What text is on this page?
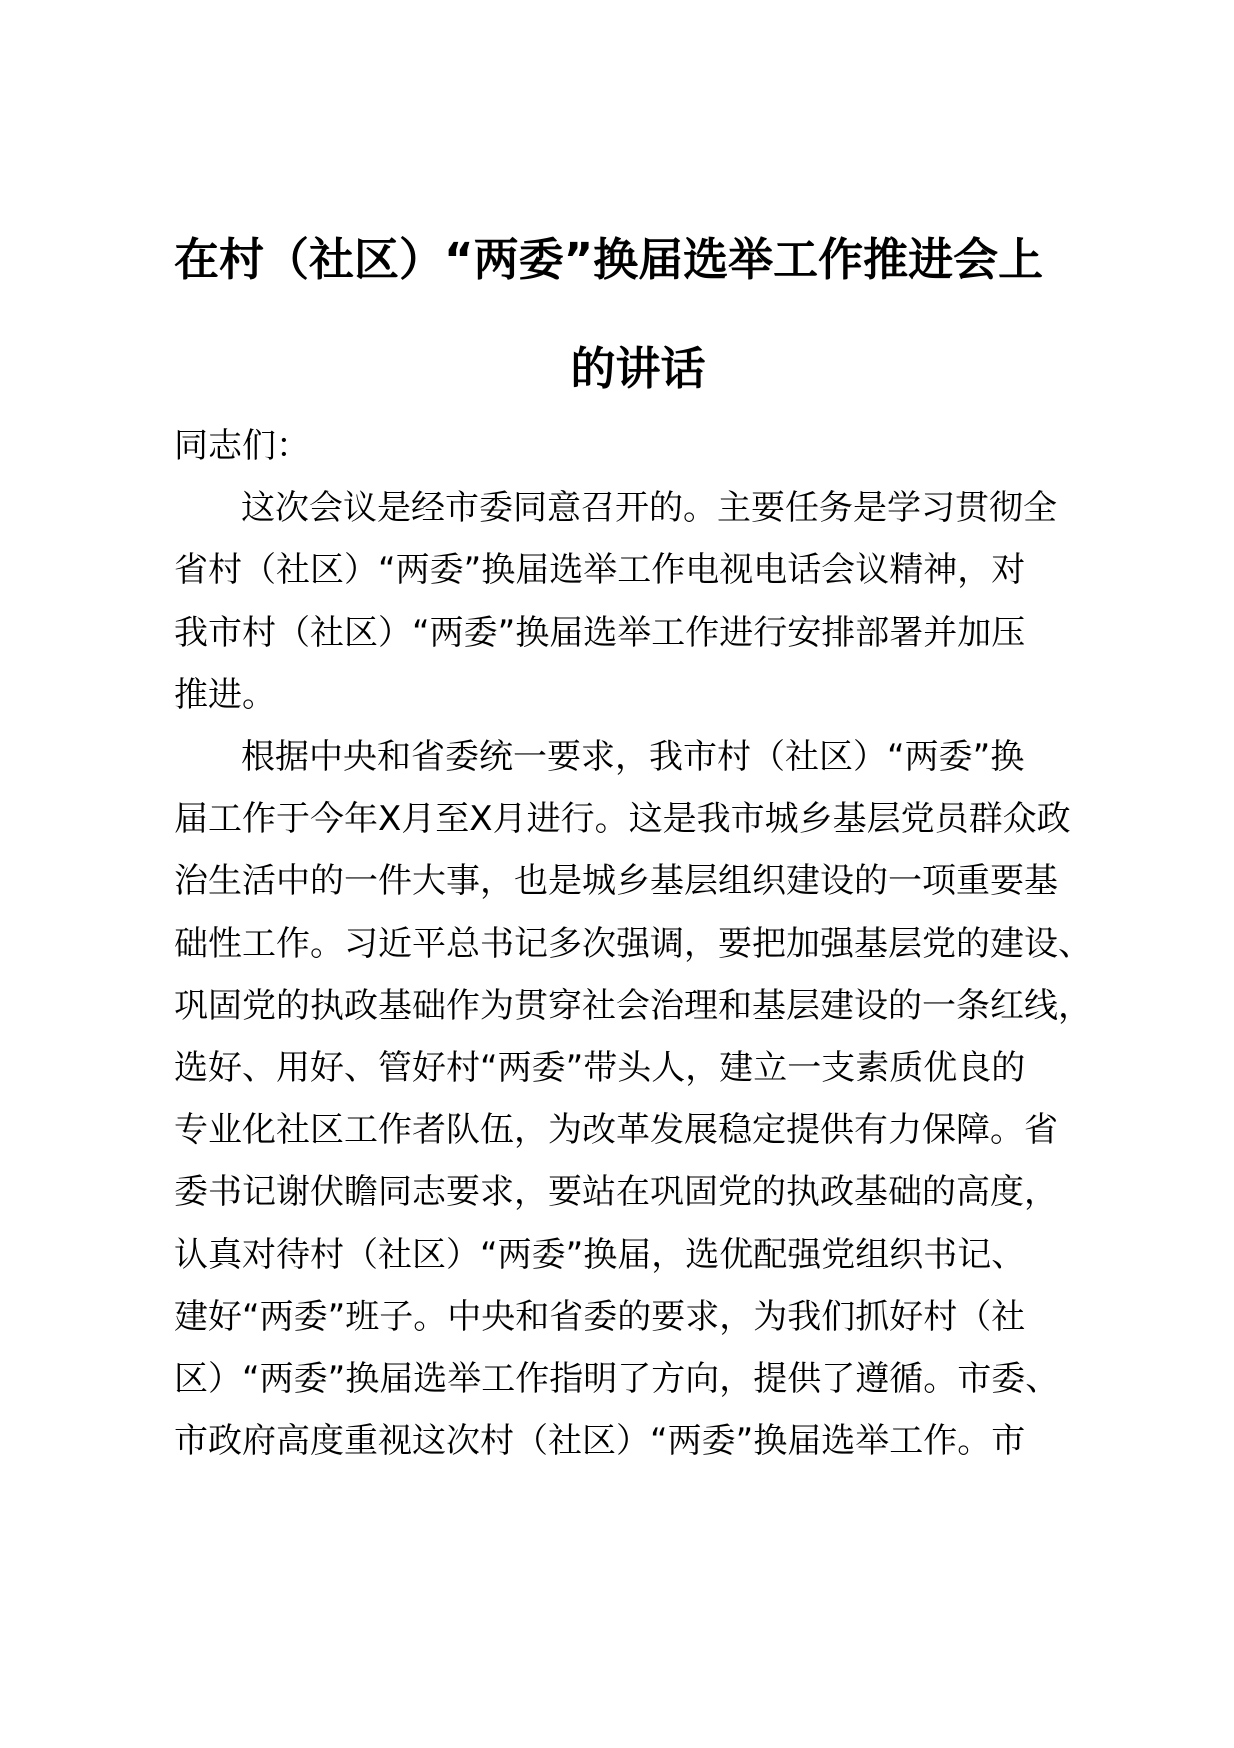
在村（社区）“两委”换届选举工作推进会上
的讲话

同志们：

这次会议是经市委同意召开的。主要任务是学习贯彻全

省村（社区）“两委”换届选举工作电视电话会议精神，对

我市村（社区）“两委”换届选举工作进行安排部署并加压

推进。

根据中央和省委统一要求，我市村（社区）“两委”换

届工作于今年X月至X月进行。这是我市城乡基层党员群众政

治生活中的一件大事，也是城乡基层组织建设的一项重要基

础性工作。习近平总书记多次强调，要把加强基层党的建设、

巩固党的执政基础作为贯穿社会治理和基层建设的一条红线，

选好、用好、管好村“两委”带头人，建立一支素质优良的

专业化社区工作者队伍，为改革发展稳定提供有力保障。省

委书记谢伏瞻同志要求，要站在巩固党的执政基础的高度，

认真对待村（社区）“两委”换届，选优配强党组织书记、

建好“两委”班子。中央和省委的要求，为我们抓好村（社

区）“两委”换届选举工作指明了方向，提供了遵循。市委、

市政府高度重视这次村（社区）“两委”换届选举工作。市
